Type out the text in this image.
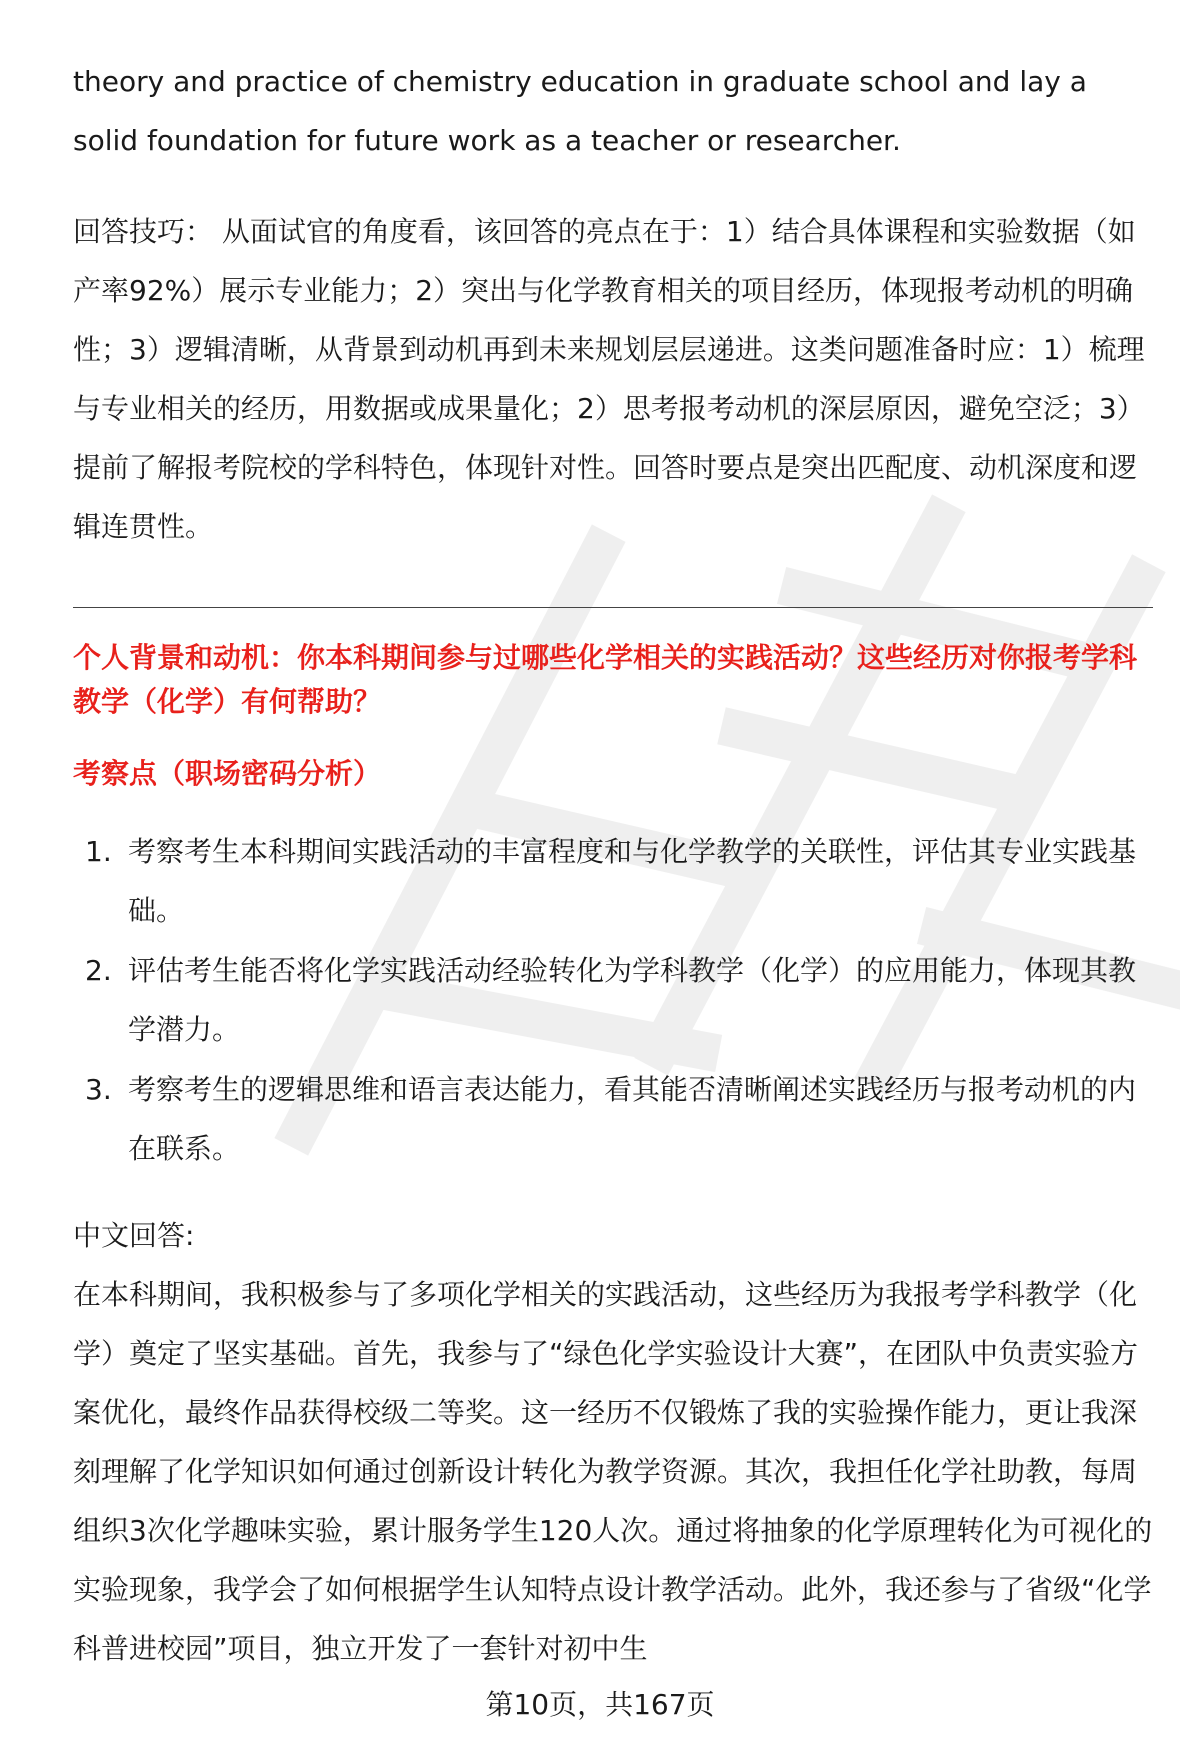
theory and practice of chemistry education in graduate school and lay a solid foundation for future work as a teacher or researcher.

回答技巧： 从面试官的角度看，该回答的亮点在于：1）结合具体课程和实验数据（如产率92%）展示专业能力；2）突出与化学教育相关的项目经历，体现报考动机的明确性；3）逻辑清晰，从背景到动机再到未来规划层层递进。这类问题准备时应：1）梳理与专业相关的经历，用数据或成果量化；2）思考报考动机的深层原因，避免空泛；3）提前了解报考院校的学科特色，体现针对性。回答时要点是突出匹配度、动机深度和逻辑连贯性。

个人背景和动机：你本科期间参与过哪些化学相关的实践活动？这些经历对你报考学科教学（化学）有何帮助？

考察点（职场密码分析）

1. 考察考生本科期间实践活动的丰富程度和与化学教学的关联性，评估其专业实践基础。
2. 评估考生能否将化学实践活动经验转化为学科教学（化学）的应用能力，体现其教学潜力。
3. 考察考生的逻辑思维和语言表达能力，看其能否清晰阐述实践经历与报考动机的内在联系。

中文回答:

在本科期间，我积极参与了多项化学相关的实践活动，这些经历为我报考学科教学（化学）奠定了坚实基础。首先，我参与了“绿色化学实验设计大赛”，在团队中负责实验方案优化，最终作品获得校级二等奖。这一经历不仅锻炼了我的实验操作能力，更让我深刻理解了化学知识如何通过创新设计转化为教学资源。其次，我担任化学社助教，每周组织3次化学趣味实验，累计服务学生120人次。通过将抽象的化学原理转化为可视化的实验现象，我学会了如何根据学生认知特点设计教学活动。此外，我还参与了省级“化学科普进校园”项目，独立开发了一套针对初中生

第10页，共167页
